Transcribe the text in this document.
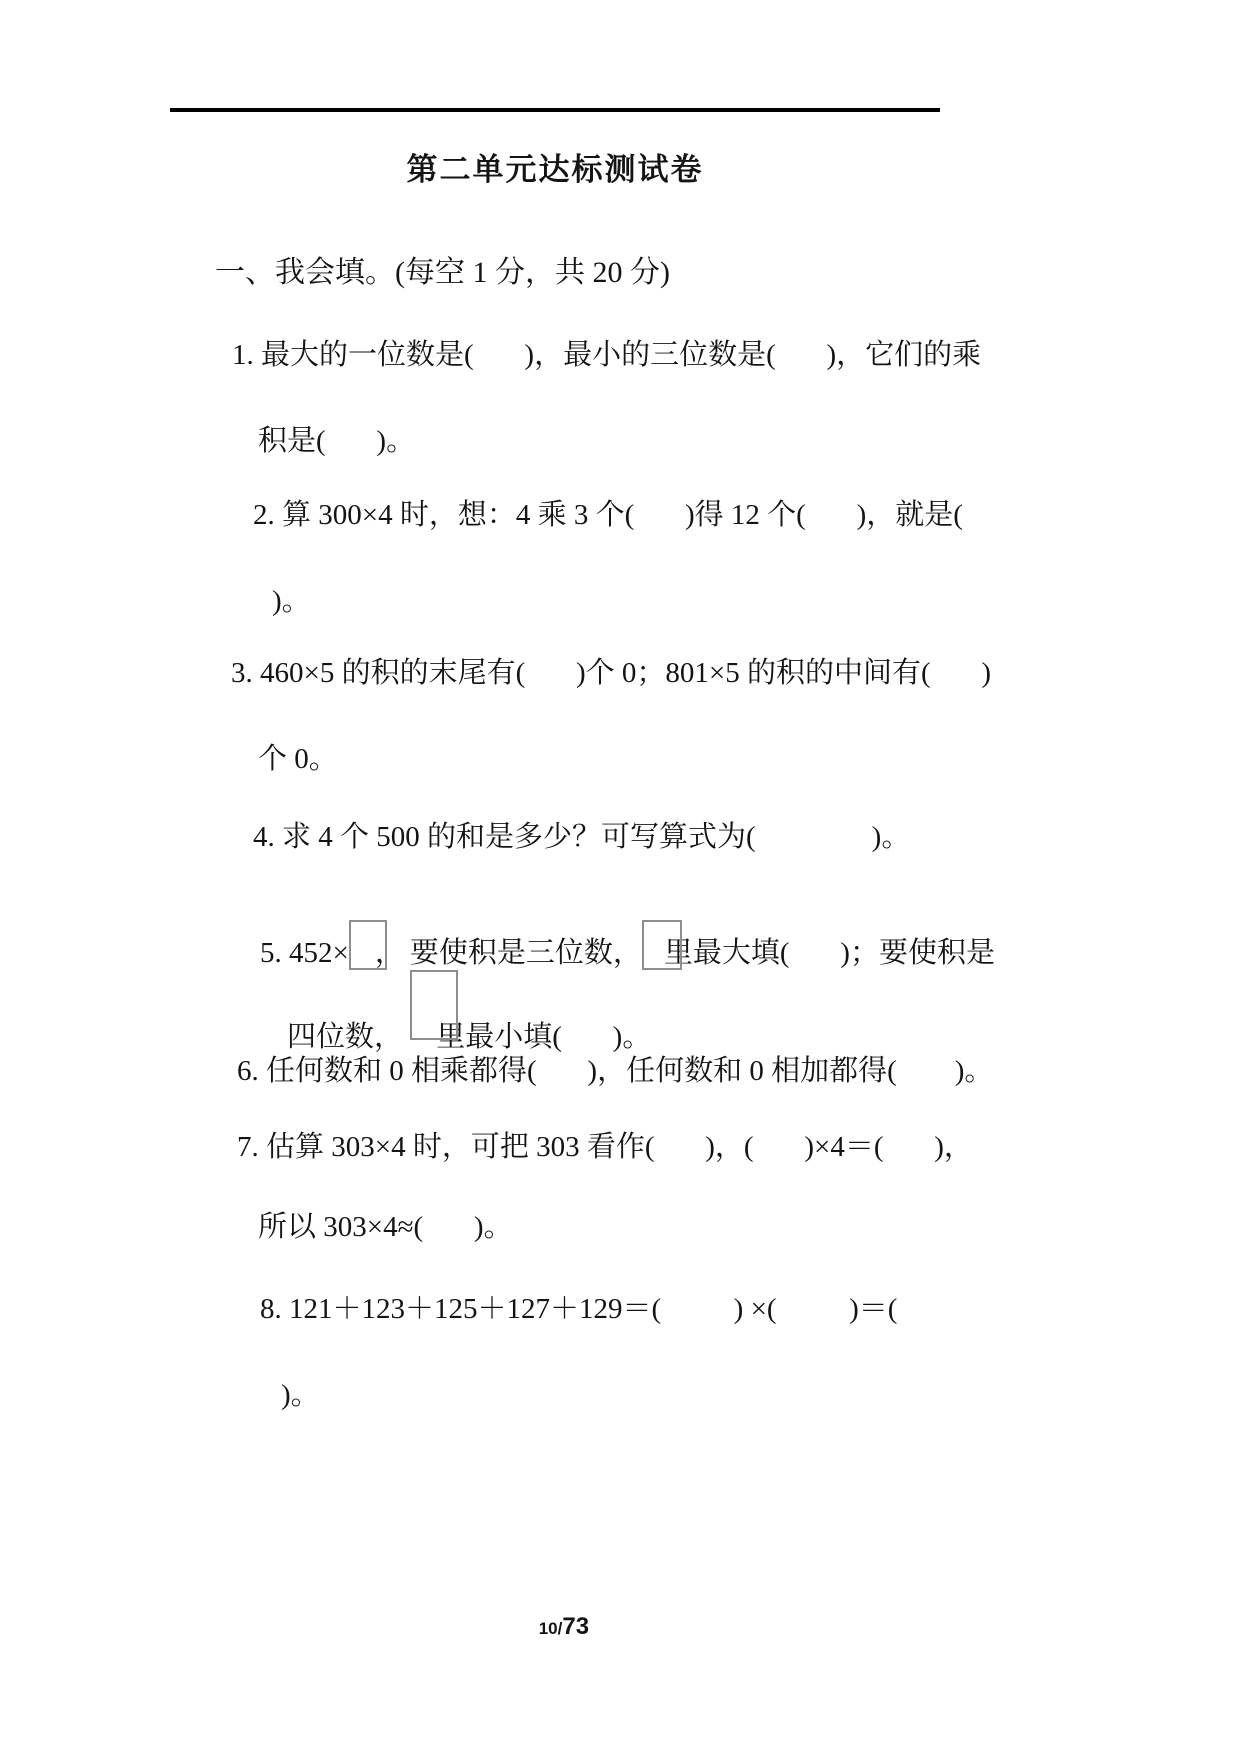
第二单元达标测试卷
一、我会填。(每空 1 分，共 20 分)
1. 最大的一位数是(       )，最小的三位数是(       )，它们的乘
积是(       )。
2. 算 300×4 时，想：4 乘 3 个(       )得 12 个(       )，就是(
)。
3. 460×5 的积的末尾有(       )个 0；801×5 的积的中间有(       )
个 0。
4. 求 4 个 500 的和是多少？可写算式为(                )。

5. 452× ， 要使积是三位数， 里最大填(       )；要使积是

四位数，
里最小填(       )。

6. 任何数和 0 相乘都得(       )，任何数和 0 相加都得(        )。
7. 估算 303×4 时，可把 303 看作(       )，(       )×4＝(       )，
所以 303×4≈(       )。
8. 121＋123＋125＋127＋129＝(          ) ×(          )＝(
)。

10/73
